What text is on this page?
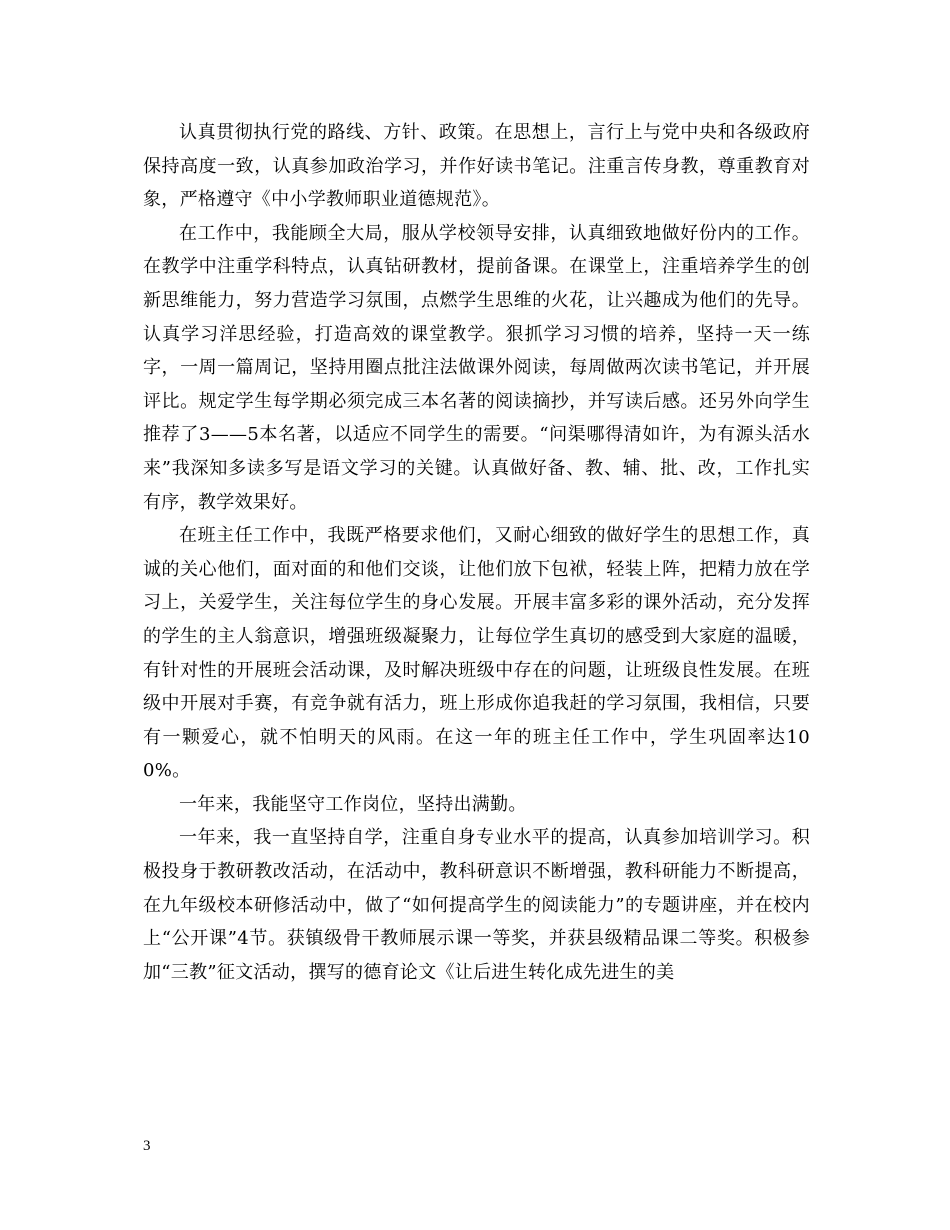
认真贯彻执行党的路线、方针、政策。在思想上，言行上与党中央和各级政府保持高度一致，认真参加政治学习，并作好读书笔记。注重言传身教，尊重教育对象，严格遵守《中小学教师职业道德规范》。

在工作中，我能顾全大局，服从学校领导安排，认真细致地做好份内的工作。在教学中注重学科特点，认真钻研教材，提前备课。在课堂上，注重培养学生的创新思维能力，努力营造学习氛围，点燃学生思维的火花，让兴趣成为他们的先导。认真学习洋思经验，打造高效的课堂教学。狠抓学习习惯的培养，坚持一天一练字，一周一篇周记，坚持用圈点批注法做课外阅读，每周做两次读书笔记，并开展评比。规定学生每学期必须完成三本名著的阅读摘抄，并写读后感。还另外向学生推荐了3——5本名著，以适应不同学生的需要。“问渠哪得清如许，为有源头活水来”我深知多读多写是语文学习的关键。认真做好备、教、辅、批、改，工作扎实有序，教学效果好。

在班主任工作中，我既严格要求他们，又耐心细致的做好学生的思想工作，真诚的关心他们，面对面的和他们交谈，让他们放下包袱，轻装上阵，把精力放在学习上，关爱学生，关注每位学生的身心发展。开展丰富多彩的课外活动，充分发挥的学生的主人翁意识，增强班级凝聚力，让每位学生真切的感受到大家庭的温暖，有针对性的开展班会活动课，及时解决班级中存在的问题，让班级良性发展。在班级中开展对手赛，有竞争就有活力，班上形成你追我赶的学习氛围，我相信，只要有一颗爱心，就不怕明天的风雨。在这一年的班主任工作中，学生巩固率达100%。

一年来，我能坚守工作岗位，坚持出满勤。

一年来，我一直坚持自学，注重自身专业水平的提高，认真参加培训学习。积极投身于教研教改活动，在活动中，教科研意识不断增强，教科研能力不断提高，在九年级校本研修活动中，做了“如何提高学生的阅读能力”的专题讲座，并在校内上“公开课”4节。获镇级骨干教师展示课一等奖，并获县级精品课二等奖。积极参加“三教”征文活动，撰写的德育论文《让后进生转化成先进生的美

3
